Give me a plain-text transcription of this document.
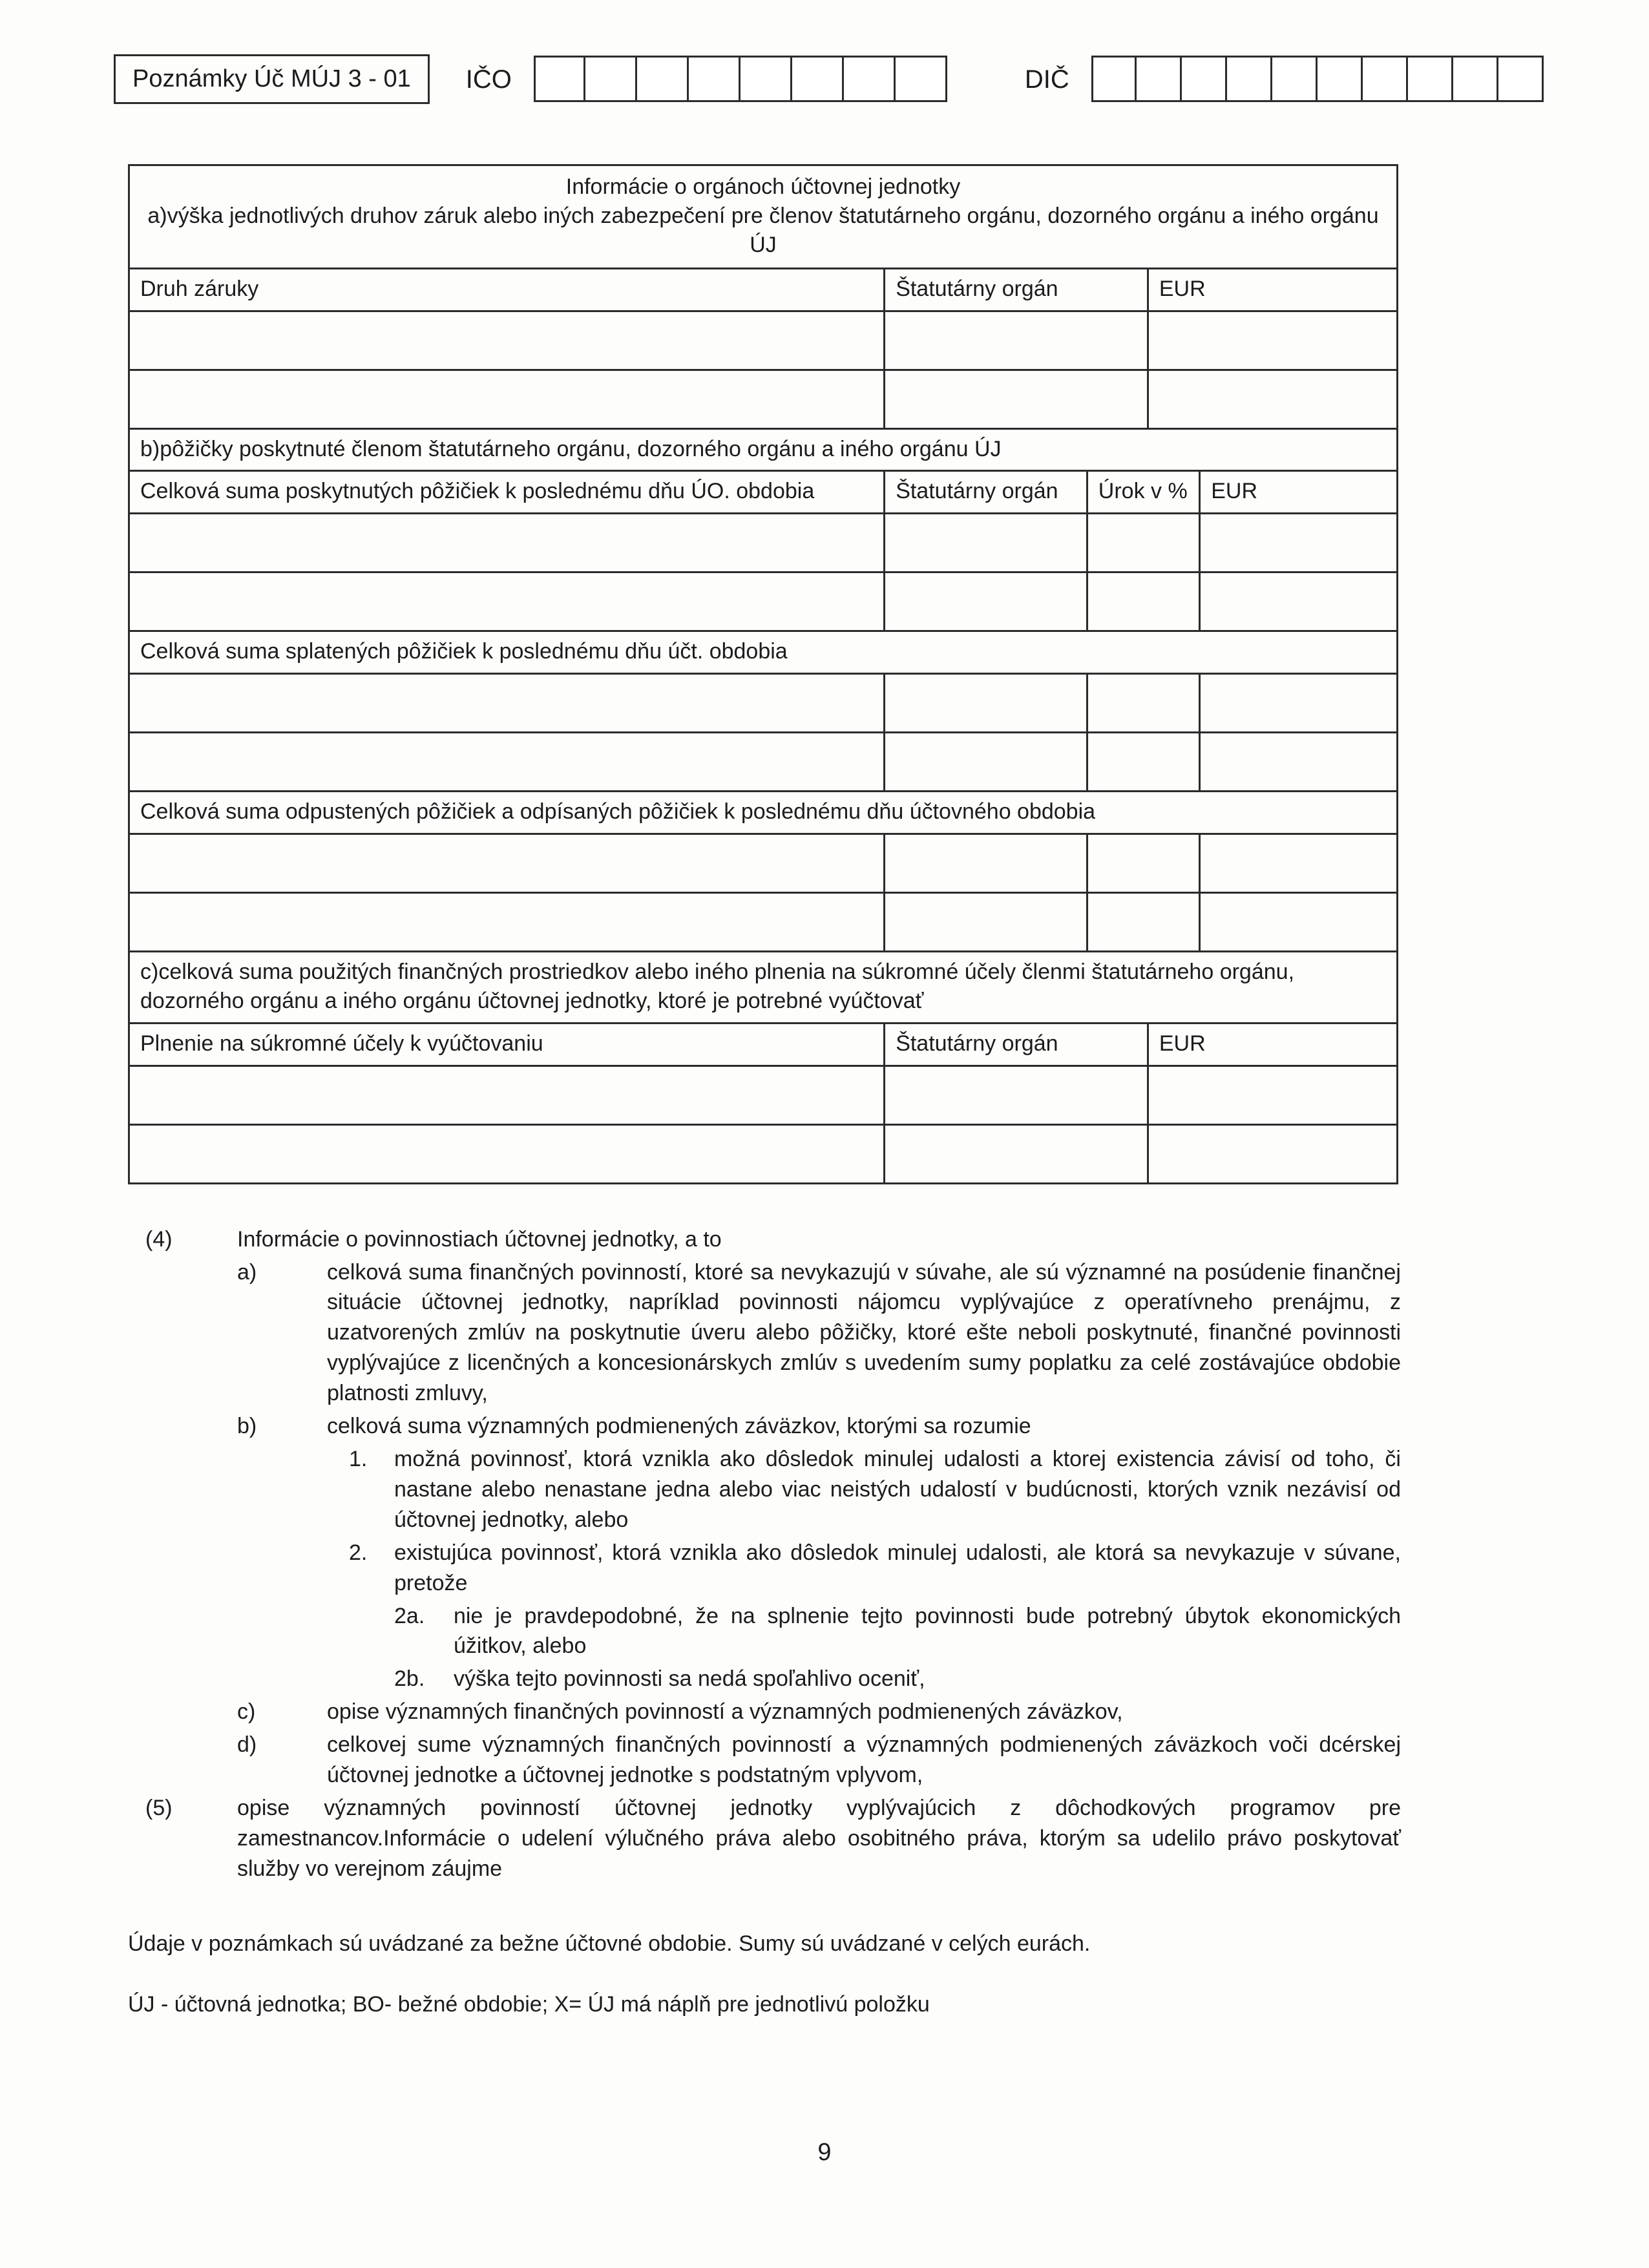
Poznámky Úč MÚJ 3 - 01	IČO	DIČ
Informácie o orgánoch účtovnej jednotky
a)výška jednotlivých druhov záruk alebo iných zabezpečení pre členov štatutárneho orgánu, dozorného orgánu a iného orgánu ÚJ
Druh záruky	Štatutárny orgán	EUR
b)pôžičky poskytnuté členom štatutárneho orgánu, dozorného orgánu a iného orgánu ÚJ
Celková suma poskytnutých pôžičiek k poslednému dňu ÚO. obdobia	Štatutárny orgán	Úrok v %	EUR
Celková suma splatených pôžičiek k poslednému dňu účt. obdobia
Celková suma odpustených pôžičiek a odpísaných pôžičiek k poslednému dňu účtovného obdobia
c)celková suma použitých finančných prostriedkov alebo iného plnenia na súkromné účely členmi štatutárneho orgánu, dozorného orgánu a iného orgánu účtovnej jednotky, ktoré je potrebné vyúčtovať
Plnenie na súkromné účely k vyúčtovaniu	Štatutárny orgán	EUR
(4)	Informácie o povinnostiach účtovnej jednotky, a to
a)	celková suma finančných povinností, ktoré sa nevykazujú v súvahe, ale sú významné na posúdenie finančnej situácie účtovnej jednotky, napríklad povinnosti nájomcu vyplývajúce z operatívneho prenájmu, z uzatvorených zmlúv na poskytnutie úveru alebo pôžičky, ktoré ešte neboli poskytnuté, finančné povinnosti vyplývajúce z licenčných a koncesionárskych zmlúv s uvedením sumy poplatku za celé zostávajúce obdobie platnosti zmluvy,
b)	celková suma významných podmienených záväzkov, ktorými sa rozumie
1.	možná povinnosť, ktorá vznikla ako dôsledok minulej udalosti a ktorej existencia závisí od toho, či nastane alebo nenastane jedna alebo viac neistých udalostí v budúcnosti, ktorých vznik nezávisí od účtovnej jednotky, alebo
2.	existujúca povinnosť, ktorá vznikla ako dôsledok minulej udalosti, ale ktorá sa nevykazuje v súvane, pretože
2a.	nie je pravdepodobné, že na splnenie tejto povinnosti bude potrebný úbytok ekonomických úžitkov, alebo
2b.	výška tejto povinnosti sa nedá spoľahlivo oceniť,
c)	opise významných finančných povinností a významných podmienených záväzkov,
d)	celkovej sume významných finančných povinností a významných podmienených záväzkoch voči dcérskej účtovnej jednotke a účtovnej jednotke s podstatným vplyvom,
(5)	opise významných povinností účtovnej jednotky vyplývajúcich z dôchodkových programov pre zamestnancov.Informácie o udelení výlučného práva alebo osobitného práva, ktorým sa udelilo právo poskytovať služby vo verejnom záujme
Údaje v poznámkach sú uvádzané za bežne účtovné obdobie. Sumy sú uvádzané v celých eurách.
ÚJ - účtovná jednotka; BO- bežné obdobie; X= ÚJ má náplň pre jednotlivú položku
9
